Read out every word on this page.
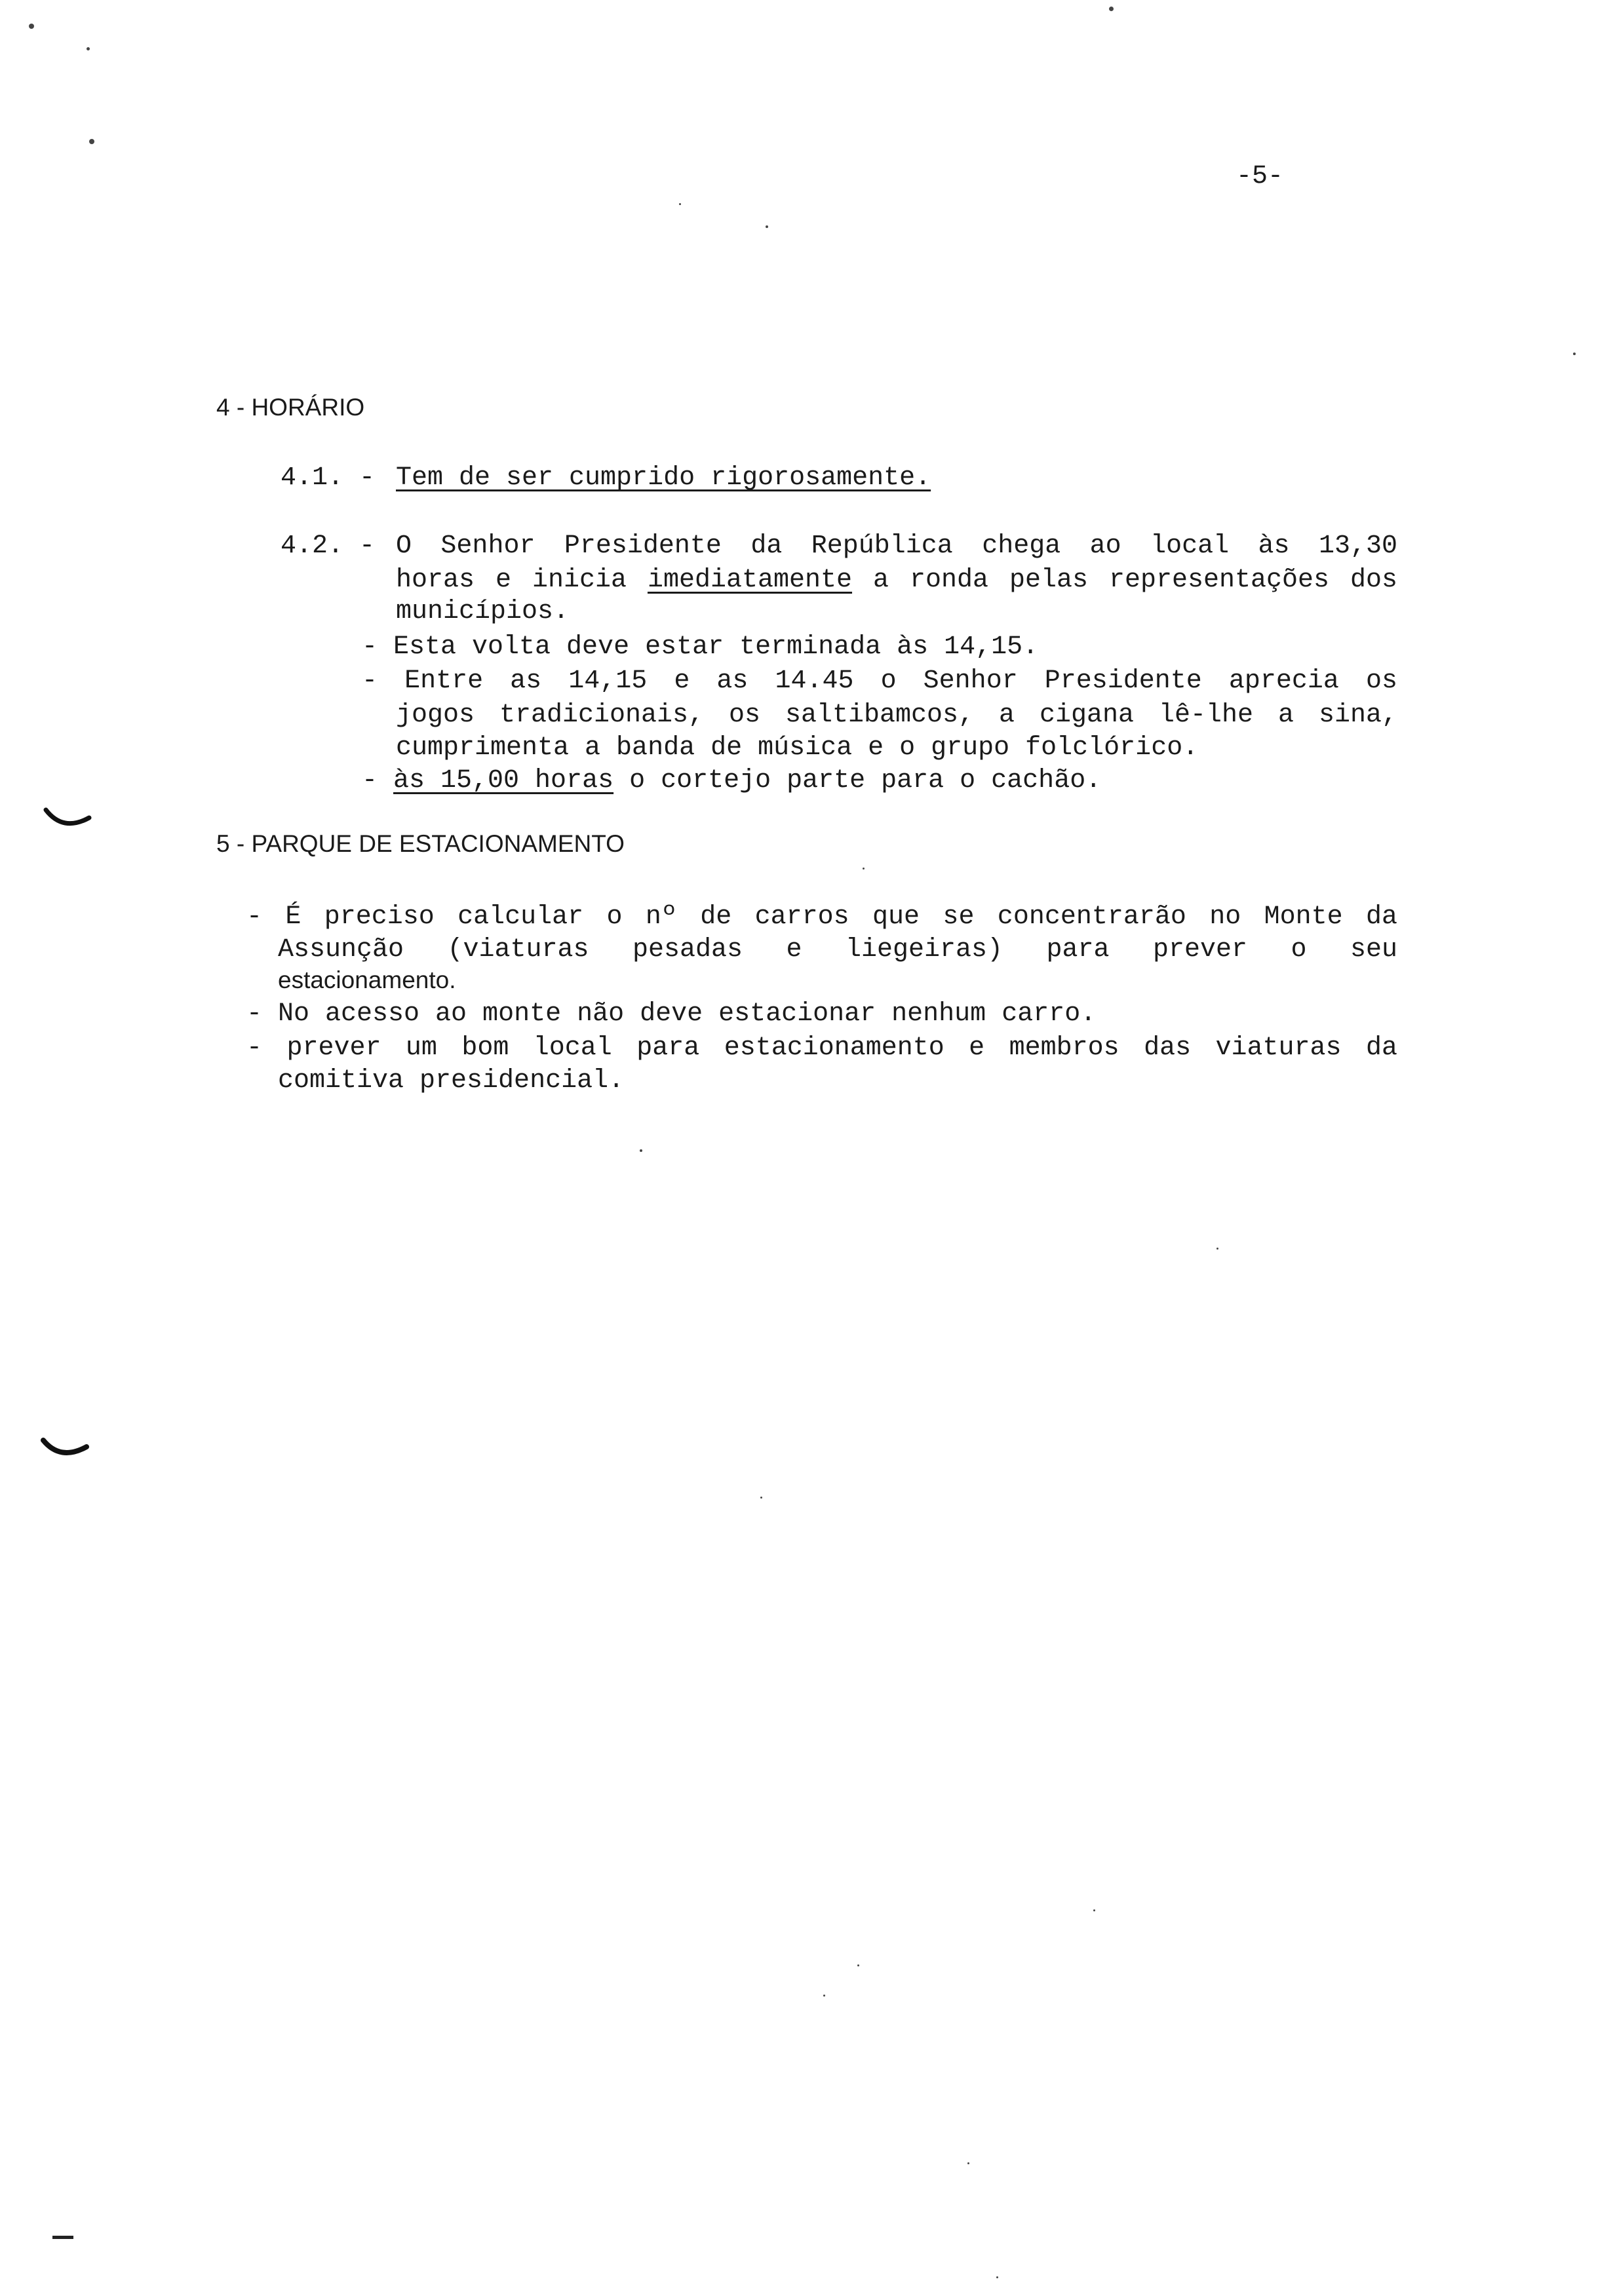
-5-
4 - HORÁRIO
4.1. - Tem de ser cumprido rigorosamente.
4.2. - O Senhor Presidente da República chega ao local às 13,30
horas e inicia imediatamente a ronda pelas representações dos
municípios.
- Esta volta deve estar terminada às 14,15.
- Entre as 14,15 e as 14.45 o Senhor Presidente aprecia os
jogos tradicionais, os saltibamcos, a cigana lê-lhe a sina,
cumprimenta a banda de música e o grupo folclórico.
- às 15,00 horas o cortejo parte para o cachão.
5 - PARQUE DE ESTACIONAMENTO
- É preciso calcular o nº de carros que se concentrarão no Monte da
Assunção (viaturas pesadas e liegeiras) para prever o seu
estacionamento.
- No acesso ao monte não deve estacionar nenhum carro.
- prever um bom local para estacionamento e membros das viaturas da
comitiva presidencial.
